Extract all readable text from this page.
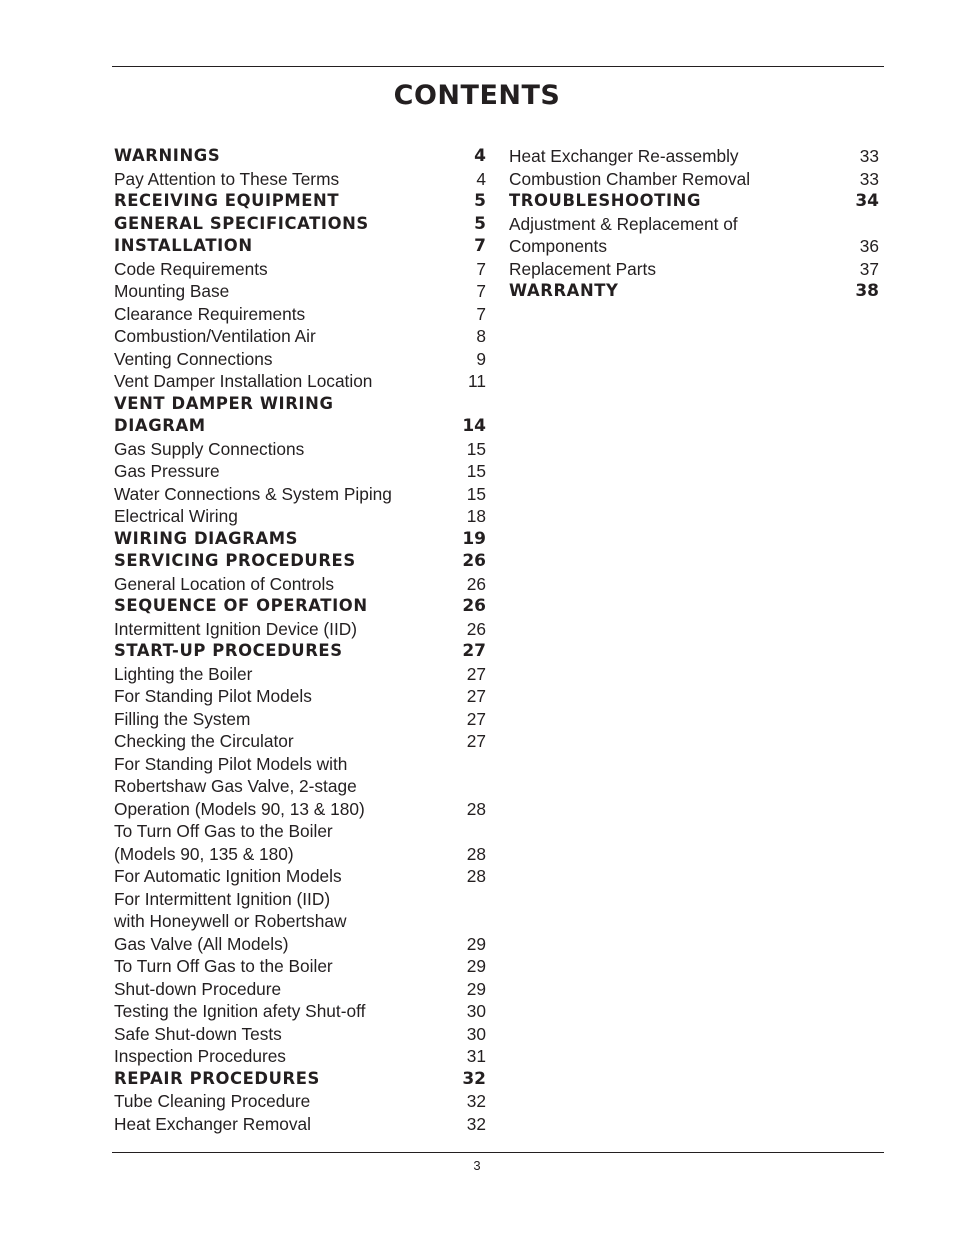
CONTENTS
WARNINGS	4
Pay Attention to These Terms	4
RECEIVING EQUIPMENT	5
GENERAL SPECIFICATIONS	5
INSTALLATION	7
Code Requirements	7
Mounting Base	7
Clearance Requirements	7
Combustion/Ventilation Air	8
Venting Connections	9
Vent Damper Installation Location	11
VENT DAMPER WIRING
DIAGRAM	14
Gas Supply Connections	15
Gas Pressure	15
Water Connections & System Piping	15
Electrical Wiring	18
WIRING DIAGRAMS	19
SERVICING PROCEDURES	26
General Location of Controls	26
SEQUENCE OF OPERATION	26
Intermittent Ignition Device (IID)	26
START-UP PROCEDURES	27
Lighting the Boiler	27
For Standing Pilot Models	27
Filling the System	27
Checking the Circulator	27
For Standing Pilot Models with
Robertshaw Gas Valve, 2-stage
Operation (Models 90, 13 & 180)	28
To Turn Off Gas to the Boiler
(Models 90, 135 & 180)	28
For Automatic Ignition Models	28
For Intermittent Ignition (IID)
with Honeywell or Robertshaw
Gas Valve (All Models)	29
To Turn Off Gas to the Boiler	29
Shut-down Procedure	29
Testing the Ignition afety Shut-off	30
Safe Shut-down Tests	30
Inspection Procedures	31
REPAIR PROCEDURES	32
Tube Cleaning Procedure	32
Heat Exchanger Removal	32
Heat Exchanger Re-assembly	33
Combustion Chamber Removal	33
TROUBLESHOOTING	34
Adjustment & Replacement of
Components	36
Replacement Parts	37
WARRANTY	38
3
